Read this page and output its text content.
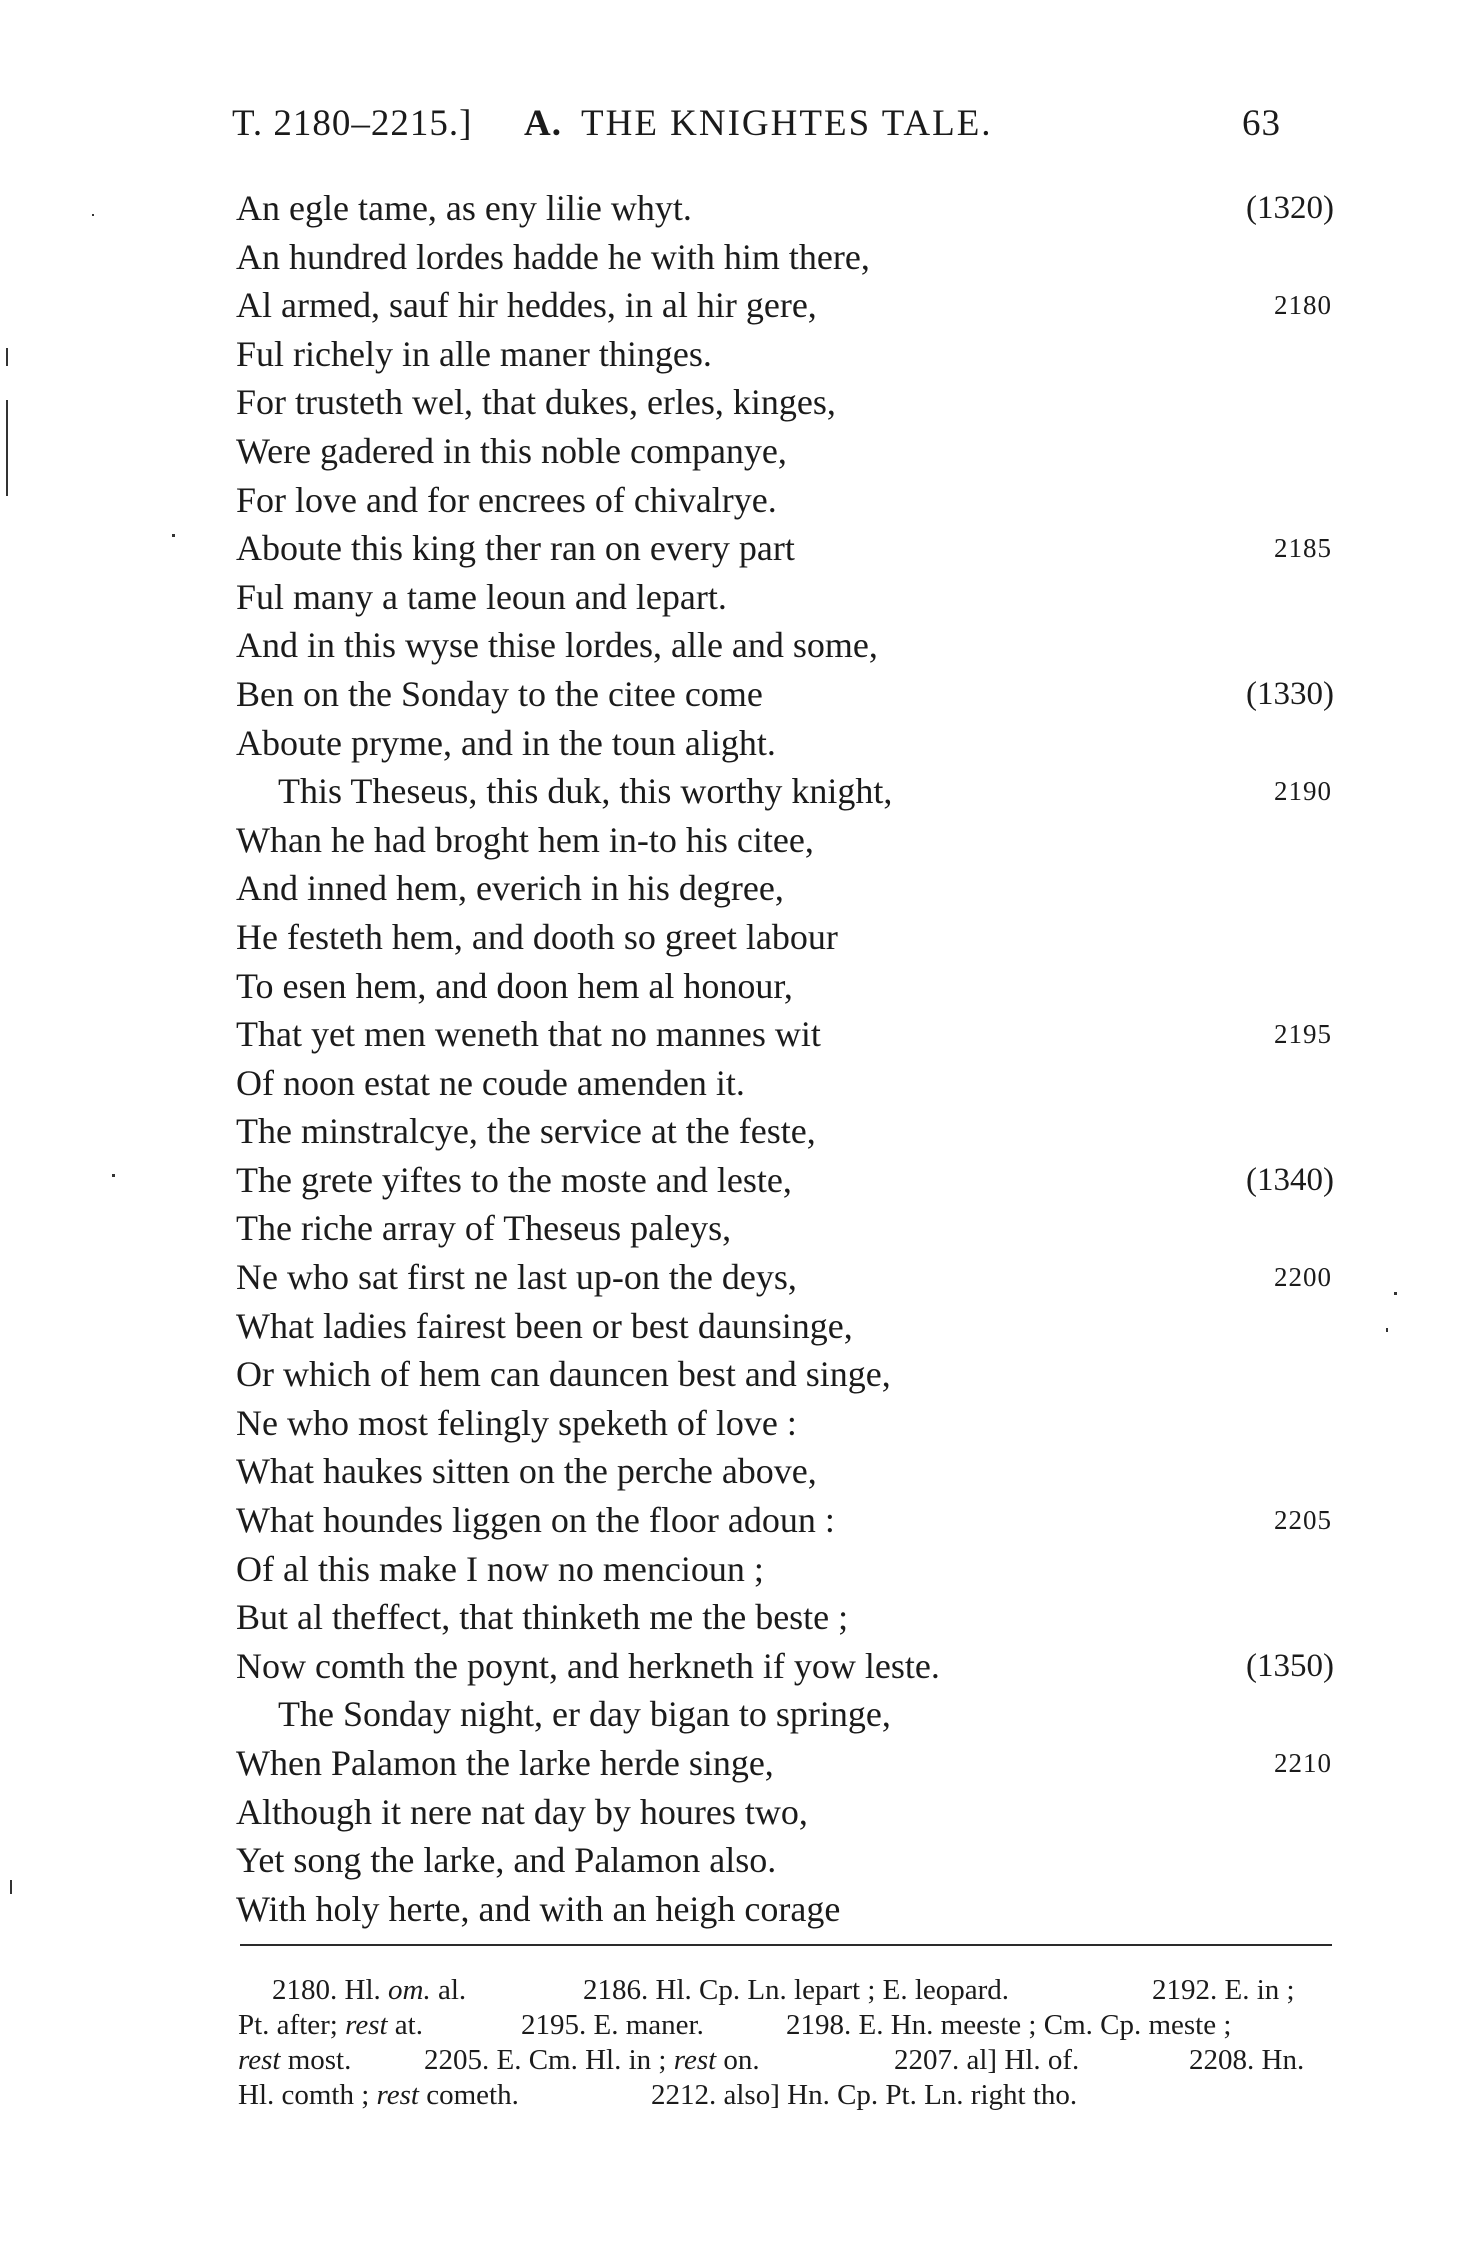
T. 2180–2215.] A. THE KNIGHTES TALE.	63
An egle tame, as eny lilie whyt.	(1320)
An hundred lordes hadde he with him there,
Al armed, sauf hir heddes, in al hir gere,	2180
Ful richely in alle maner thinges.
For trusteth wel, that dukes, erles, kinges,
Were gadered in this noble companye,
For love and for encrees of chivalrye.
Aboute this king ther ran on every part	2185
Ful many a tame leoun and lepart.
And in this wyse thise lordes, alle and some,
Ben on the Sonday to the citee come	(1330)
Aboute pryme, and in the toun alight.
This Theseus, this duk, this worthy knight,	2190
Whan he had broght hem in-to his citee,
And inned hem, everich in his degree,
He festeth hem, and dooth so greet labour
To esen hem, and doon hem al honour,
That yet men weneth that no mannes wit	2195
Of noon estat ne coude amenden it.
The minstralcye, the service at the feste,
The grete yiftes to the moste and leste,	(1340)
The riche array of Theseus paleys,
Ne who sat first ne last up-on the deys,	2200
What ladies fairest been or best daunsinge,
Or which of hem can dauncen best and singe,
Ne who most felingly speketh of love :
What haukes sitten on the perche above,
What houndes liggen on the floor adoun :	2205
Of al this make I now no mencioun ;
But al theffect, that thinketh me the beste ;
Now comth the poynt, and herkneth if yow leste.	(1350)
The Sonday night, er day bigan to springe,
When Palamon the larke herde singe,	2210
Although it nere nat day by houres two,
Yet song the larke, and Palamon also.
With holy herte, and with an heigh corage
2180. Hl. om. al.	2186. Hl. Cp. Ln. lepart ; E. leopard.	2192. E. in ;
Pt. after; rest at.	2195. E. maner.	2198. E. Hn. meeste ; Cm. Cp. meste ;
rest most.	2205. E. Cm. Hl. in ; rest on.	2207. al] Hl. of.	2208. Hn.
Hl. comth ; rest cometh.	2212. also] Hn. Cp. Pt. Ln. right tho.
